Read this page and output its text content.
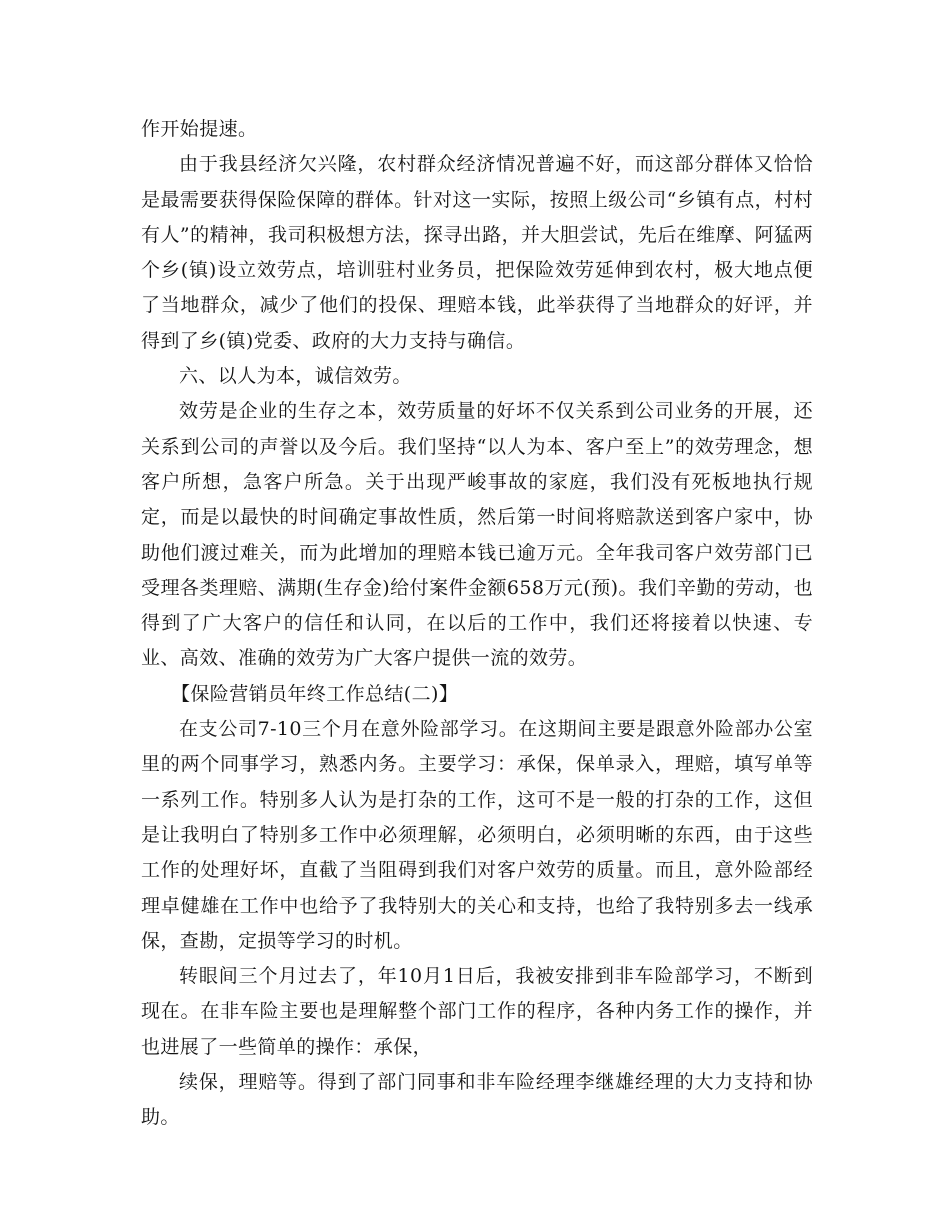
作开始提速。

由于我县经济欠兴隆，农村群众经济情况普遍不好，而这部分群体又恰恰是最需要获得保险保障的群体。针对这一实际，按照上级公司“乡镇有点，村村有人”的精神，我司积极想方法，探寻出路，并大胆尝试，先后在维摩、阿猛两个乡(镇)设立效劳点，培训驻村业务员，把保险效劳延伸到农村，极大地点便了当地群众，减少了他们的投保、理赔本钱，此举获得了当地群众的好评，并得到了乡(镇)党委、政府的大力支持与确信。

六、以人为本，诚信效劳。

效劳是企业的生存之本，效劳质量的好坏不仅关系到公司业务的开展，还关系到公司的声誉以及今后。我们坚持“以人为本、客户至上”的效劳理念，想客户所想，急客户所急。关于出现严峻事故的家庭，我们没有死板地执行规定，而是以最快的时间确定事故性质，然后第一时间将赔款送到客户家中，协助他们渡过难关，而为此增加的理赔本钱已逾万元。全年我司客户效劳部门已受理各类理赔、满期(生存金)给付案件金额658万元(预)。我们辛勤的劳动，也得到了广大客户的信任和认同，在以后的工作中，我们还将接着以快速、专业、高效、准确的效劳为广大客户提供一流的效劳。

【保险营销员年终工作总结(二)】

在支公司7-10三个月在意外险部学习。在这期间主要是跟意外险部办公室里的两个同事学习，熟悉内务。主要学习：承保，保单录入，理赔，填写单等一系列工作。特别多人认为是打杂的工作，这可不是一般的打杂的工作，这但是让我明白了特别多工作中必须理解，必须明白，必须明晰的东西，由于这些工作的处理好坏，直截了当阻碍到我们对客户效劳的质量。而且，意外险部经理卓健雄在工作中也给予了我特别大的关心和支持，也给了我特别多去一线承保，查勘，定损等学习的时机。

转眼间三个月过去了，年10月1日后，我被安排到非车险部学习，不断到现在。在非车险主要也是理解整个部门工作的程序，各种内务工作的操作，并也进展了一些简单的操作：承保，

续保，理赔等。得到了部门同事和非车险经理李继雄经理的大力支持和协助。
